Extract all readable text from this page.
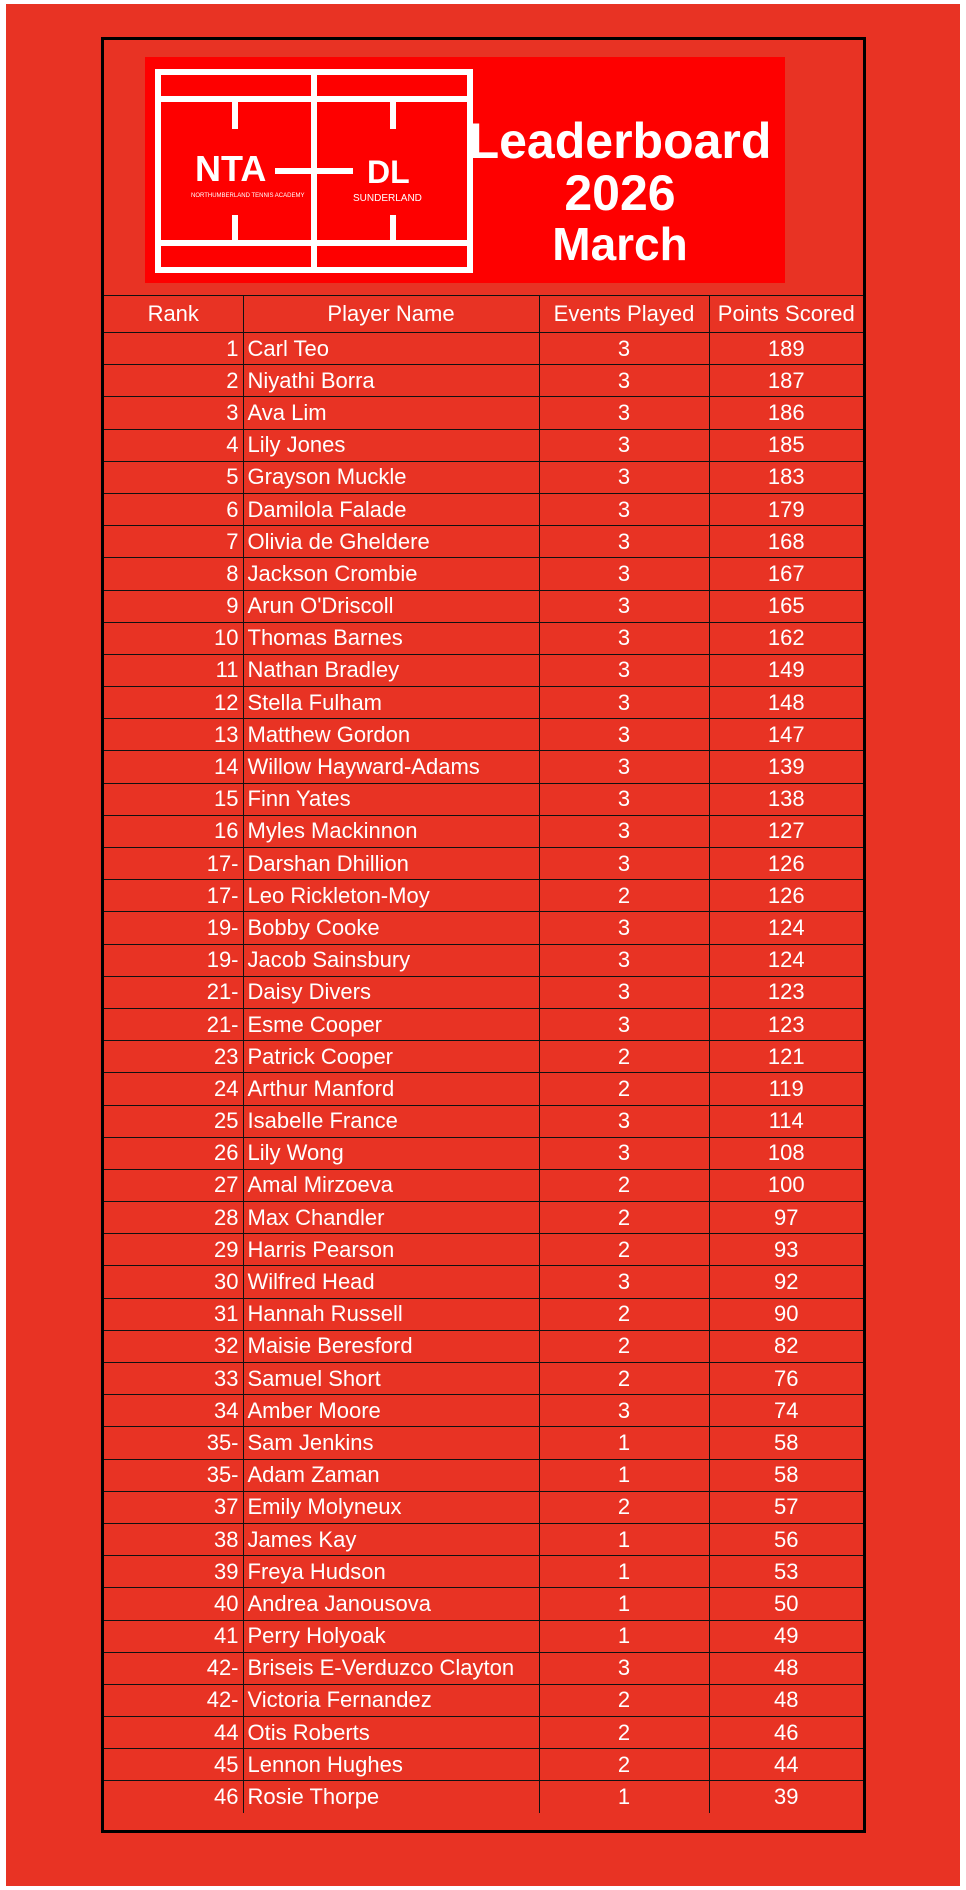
NTA
NORTHUMBERLAND TENNIS ACADEMY
DL
SUNDERLAND
Leaderboard
2026
March
Rank	Player Name	Events Played	Points Scored
1	Carl Teo	3	189
2	Niyathi Borra	3	187
3	Ava Lim	3	186
4	Lily Jones	3	185
5	Grayson Muckle	3	183
6	Damilola Falade	3	179
7	Olivia de Gheldere	3	168
8	Jackson Crombie	3	167
9	Arun O'Driscoll	3	165
10	Thomas Barnes	3	162
11	Nathan Bradley	3	149
12	Stella Fulham	3	148
13	Matthew Gordon	3	147
14	Willow Hayward-Adams	3	139
15	Finn Yates	3	138
16	Myles Mackinnon	3	127
17-	Darshan Dhillion	3	126
17-	Leo Rickleton-Moy	2	126
19-	Bobby Cooke	3	124
19-	Jacob Sainsbury	3	124
21-	Daisy Divers	3	123
21-	Esme Cooper	3	123
23	Patrick Cooper	2	121
24	Arthur Manford	2	119
25	Isabelle France	3	114
26	Lily Wong	3	108
27	Amal Mirzoeva	2	100
28	Max Chandler	2	97
29	Harris Pearson	2	93
30	Wilfred Head	3	92
31	Hannah Russell	2	90
32	Maisie Beresford	2	82
33	Samuel Short	2	76
34	Amber Moore	3	74
35-	Sam Jenkins	1	58
35-	Adam Zaman	1	58
37	Emily Molyneux	2	57
38	James Kay	1	56
39	Freya Hudson	1	53
40	Andrea Janousova	1	50
41	Perry Holyoak	1	49
42-	Briseis E-Verduzco Clayton	3	48
42-	Victoria Fernandez	2	48
44	Otis Roberts	2	46
45	Lennon Hughes	2	44
46	Rosie Thorpe	1	39
